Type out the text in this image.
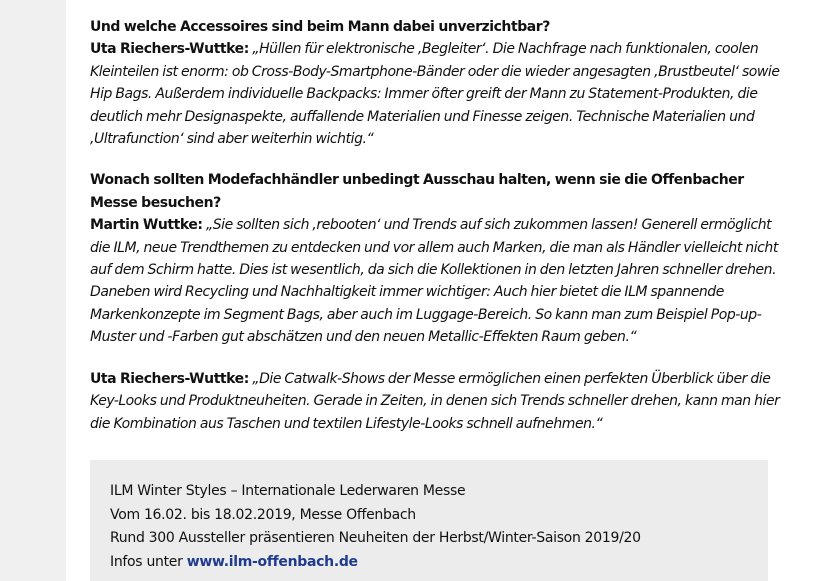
Und welche Accessoires sind beim Mann dabei unverzichtbar?
Uta Riechers-Wuttke: „Hüllen für elektronische ‚Begleiter‘. Die Nachfrage nach funktionalen, coolen Kleinteilen ist enorm: ob Cross-Body-Smartphone-Bänder oder die wieder angesagten ‚Brustbeutel‘ sowie Hip Bags. Außerdem individuelle Backpacks: Immer öfter greift der Mann zu Statement-Produkten, die deutlich mehr Designaspekte, auffallende Materialien und Finesse zeigen. Technische Materialien und ‚Ultrafunction‘ sind aber weiterhin wichtig.“

Wonach sollten Modefachhändler unbedingt Ausschau halten, wenn sie die Offenbacher Messe besuchen?
Martin Wuttke: „Sie sollten sich ‚rebooten‘ und Trends auf sich zukommen lassen! Generell ermöglicht die ILM, neue Trendthemen zu entdecken und vor allem auch Marken, die man als Händler vielleicht nicht auf dem Schirm hatte. Dies ist wesentlich, da sich die Kollektionen in den letzten Jahren schneller drehen. Daneben wird Recycling und Nachhaltigkeit immer wichtiger: Auch hier bietet die ILM spannende Markenkonzepte im Segment Bags, aber auch im Luggage-Bereich. So kann man zum Beispiel Pop-up-Muster und -Farben gut abschätzen und den neuen Metallic-Effekten Raum geben.“

Uta Riechers-Wuttke: „Die Catwalk-Shows der Messe ermöglichen einen perfekten Überblick über die Key-Looks und Produktneuheiten. Gerade in Zeiten, in denen sich Trends schneller drehen, kann man hier die Kombination aus Taschen und textilen Lifestyle-Looks schnell aufnehmen.“

ILM Winter Styles – Internationale Lederwaren Messe
Vom 16.02. bis 18.02.2019, Messe Offenbach
Rund 300 Aussteller präsentieren Neuheiten der Herbst/Winter-Saison 2019/20
Infos unter www.ilm-offenbach.de
